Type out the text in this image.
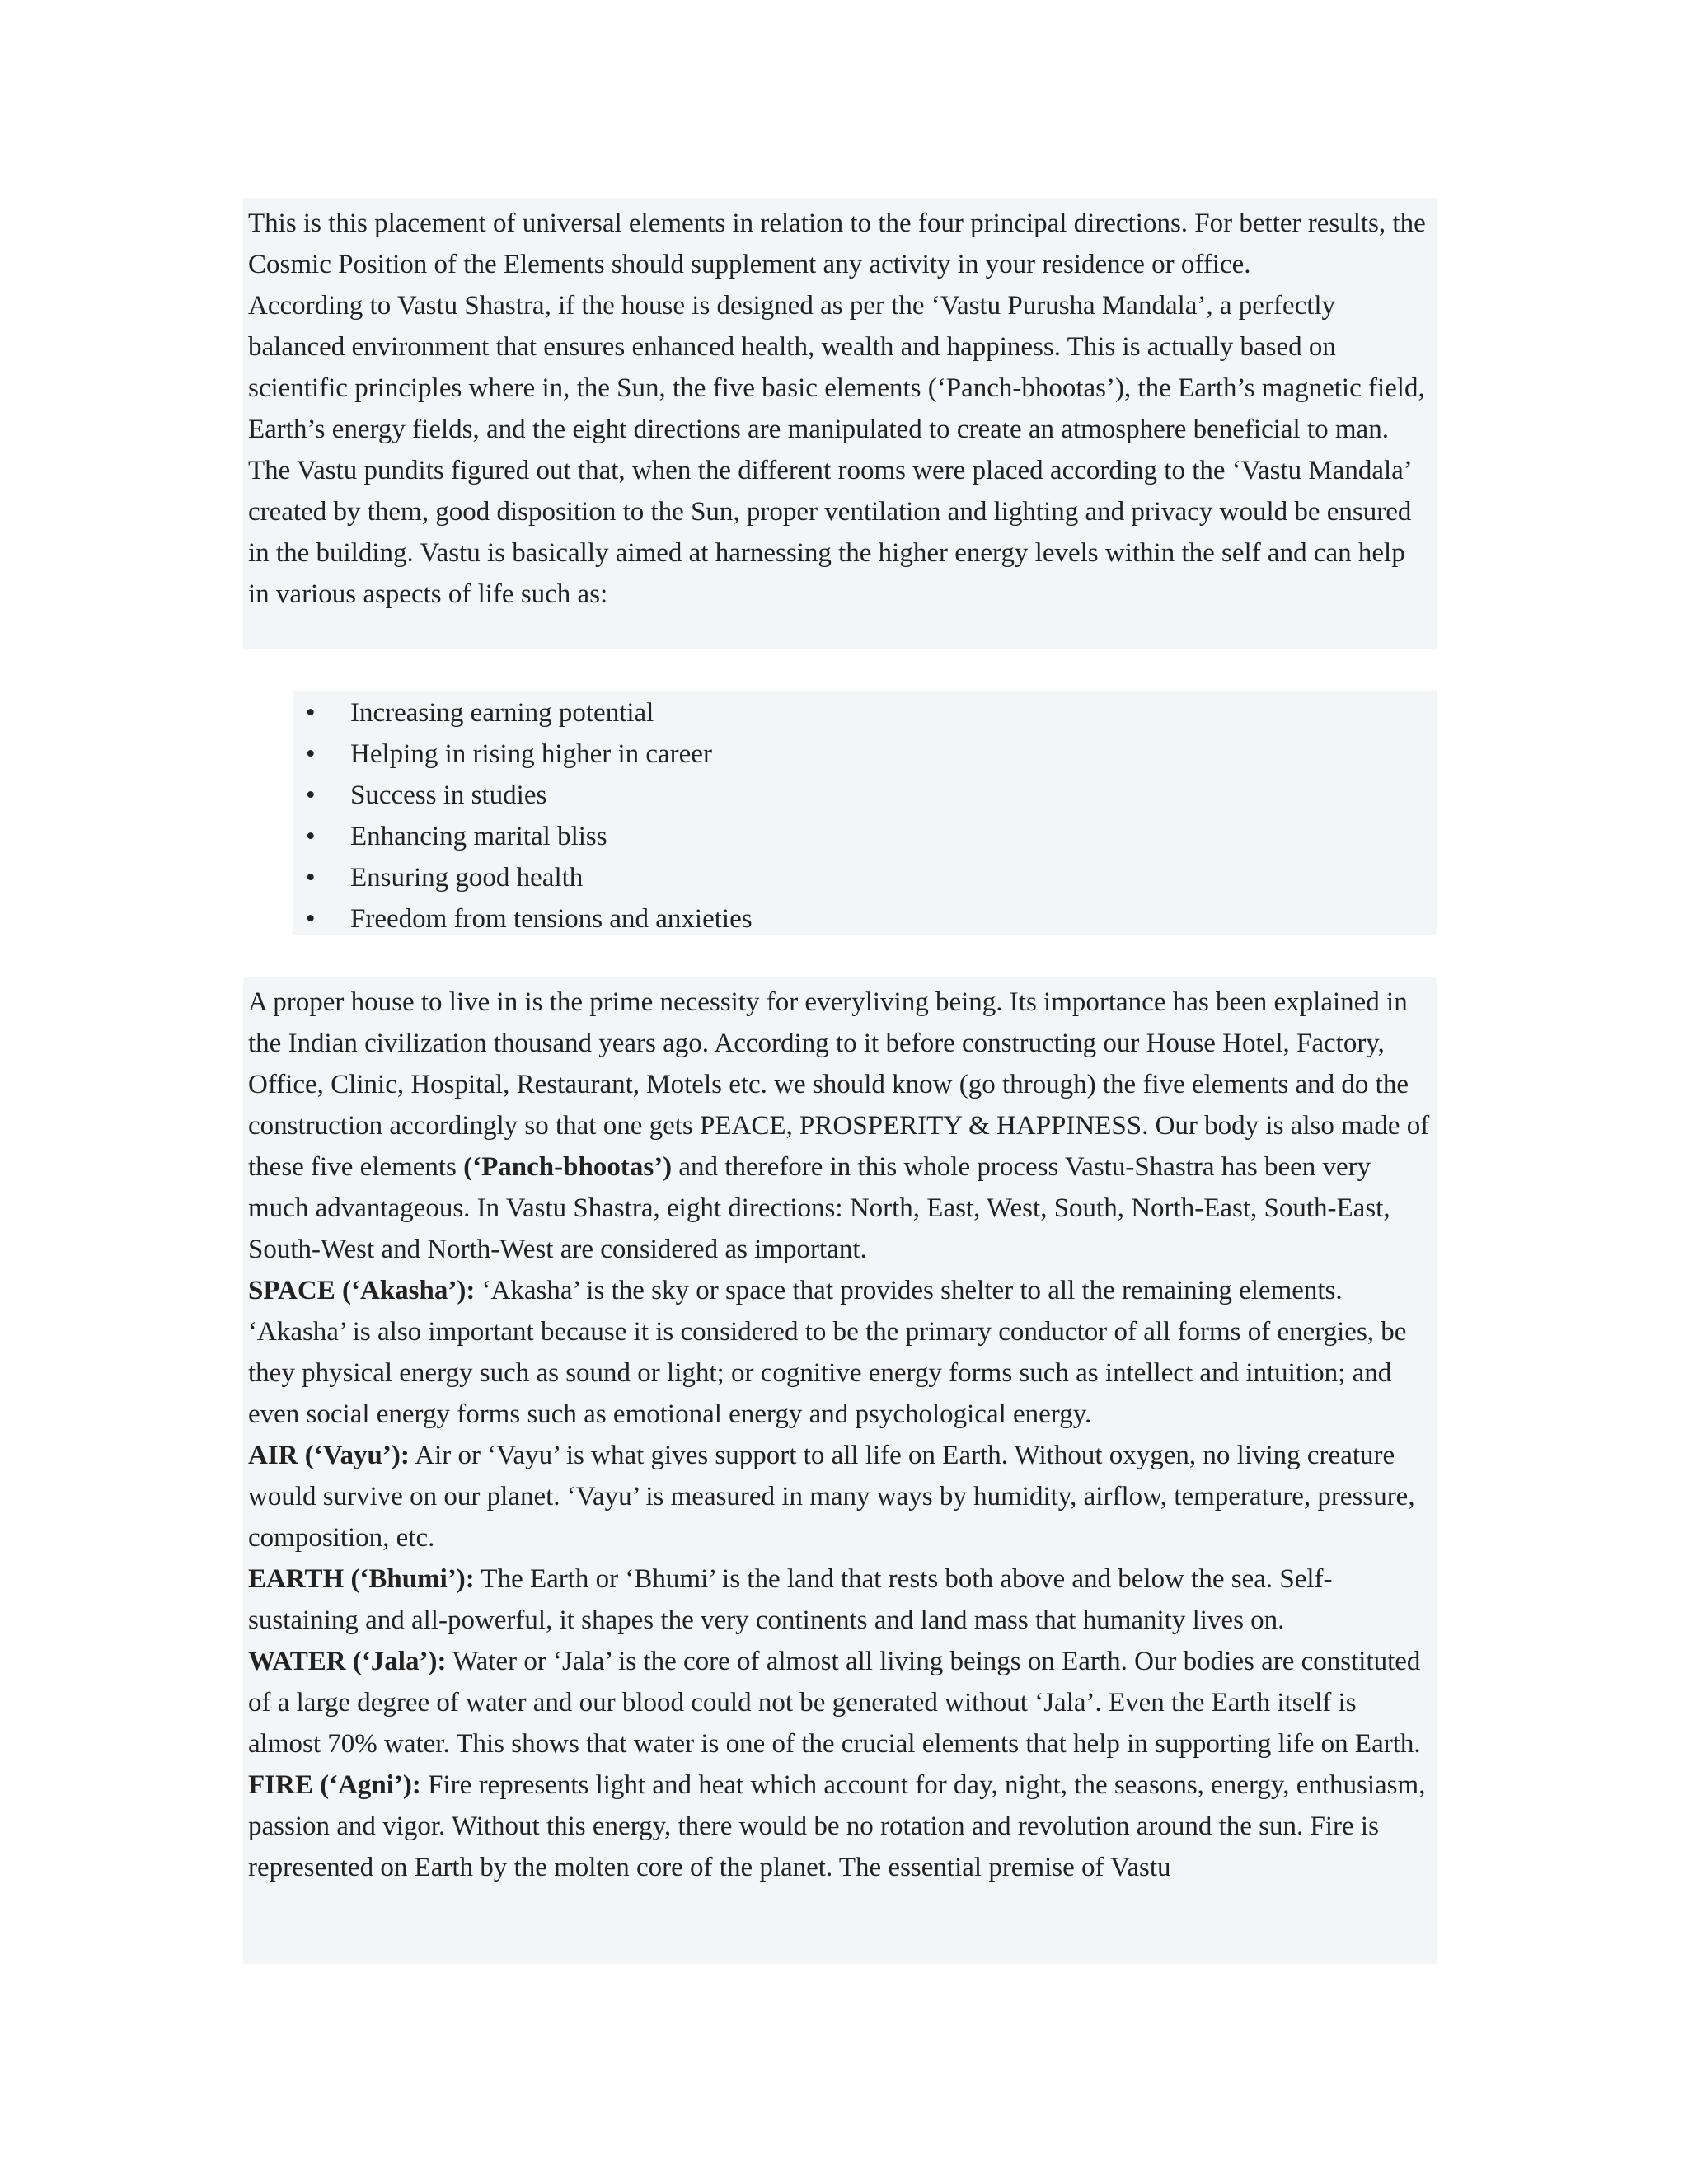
This is this placement of universal elements in relation to the four principal directions. For better results, the Cosmic Position of the Elements should supplement any activity in your residence or office.

According to Vastu Shastra, if the house is designed as per the ‘Vastu Purusha Mandala’, a perfectly balanced environment that ensures enhanced health, wealth and happiness. This is actually based on scientific principles where in, the Sun, the five basic elements (‘Panch-bhootas’), the Earth’s magnetic field, Earth’s energy fields, and the eight directions are manipulated to create an atmosphere beneficial to man. The Vastu pundits figured out that, when the different rooms were placed according to the ‘Vastu Mandala’ created by them, good disposition to the Sun, proper ventilation and lighting and privacy would be ensured in the building. Vastu is basically aimed at harnessing the higher energy levels within the self and can help in various aspects of life such as:

• Increasing earning potential
• Helping in rising higher in career
• Success in studies
• Enhancing marital bliss
• Ensuring good health
• Freedom from tensions and anxieties

A proper house to live in is the prime necessity for everyliving being. Its importance has been explained in the Indian civilization thousand years ago. According to it before constructing our House Hotel, Factory, Office, Clinic, Hospital, Restaurant, Motels etc. we should know (go through) the five elements and do the construction accordingly so that one gets PEACE, PROSPERITY & HAPPINESS. Our body is also made of these five elements (‘Panch-bhootas’) and therefore in this whole process Vastu-Shastra has been very much advantageous. In Vastu Shastra, eight directions: North, East, West, South, North-East, South-East, South-West and North-West are considered as important.

SPACE (‘Akasha’): ‘Akasha’ is the sky or space that provides shelter to all the remaining elements. ‘Akasha’ is also important because it is considered to be the primary conductor of all forms of energies, be they physical energy such as sound or light; or cognitive energy forms such as intellect and intuition; and even social energy forms such as emotional energy and psychological energy.

AIR (‘Vayu’): Air or ‘Vayu’ is what gives support to all life on Earth. Without oxygen, no living creature would survive on our planet. ‘Vayu’ is measured in many ways by humidity, airflow, temperature, pressure, composition, etc.

EARTH (‘Bhumi’): The Earth or ‘Bhumi’ is the land that rests both above and below the sea. Self-sustaining and all-powerful, it shapes the very continents and land mass that humanity lives on.

WATER (‘Jala’): Water or ‘Jala’ is the core of almost all living beings on Earth. Our bodies are constituted of a large degree of water and our blood could not be generated without ‘Jala’. Even the Earth itself is almost 70% water. This shows that water is one of the crucial elements that help in supporting life on Earth.

FIRE (‘Agni’): Fire represents light and heat which account for day, night, the seasons, energy, enthusiasm, passion and vigor. Without this energy, there would be no rotation and revolution around the sun. Fire is represented on Earth by the molten core of the planet. The essential premise of Vastu
